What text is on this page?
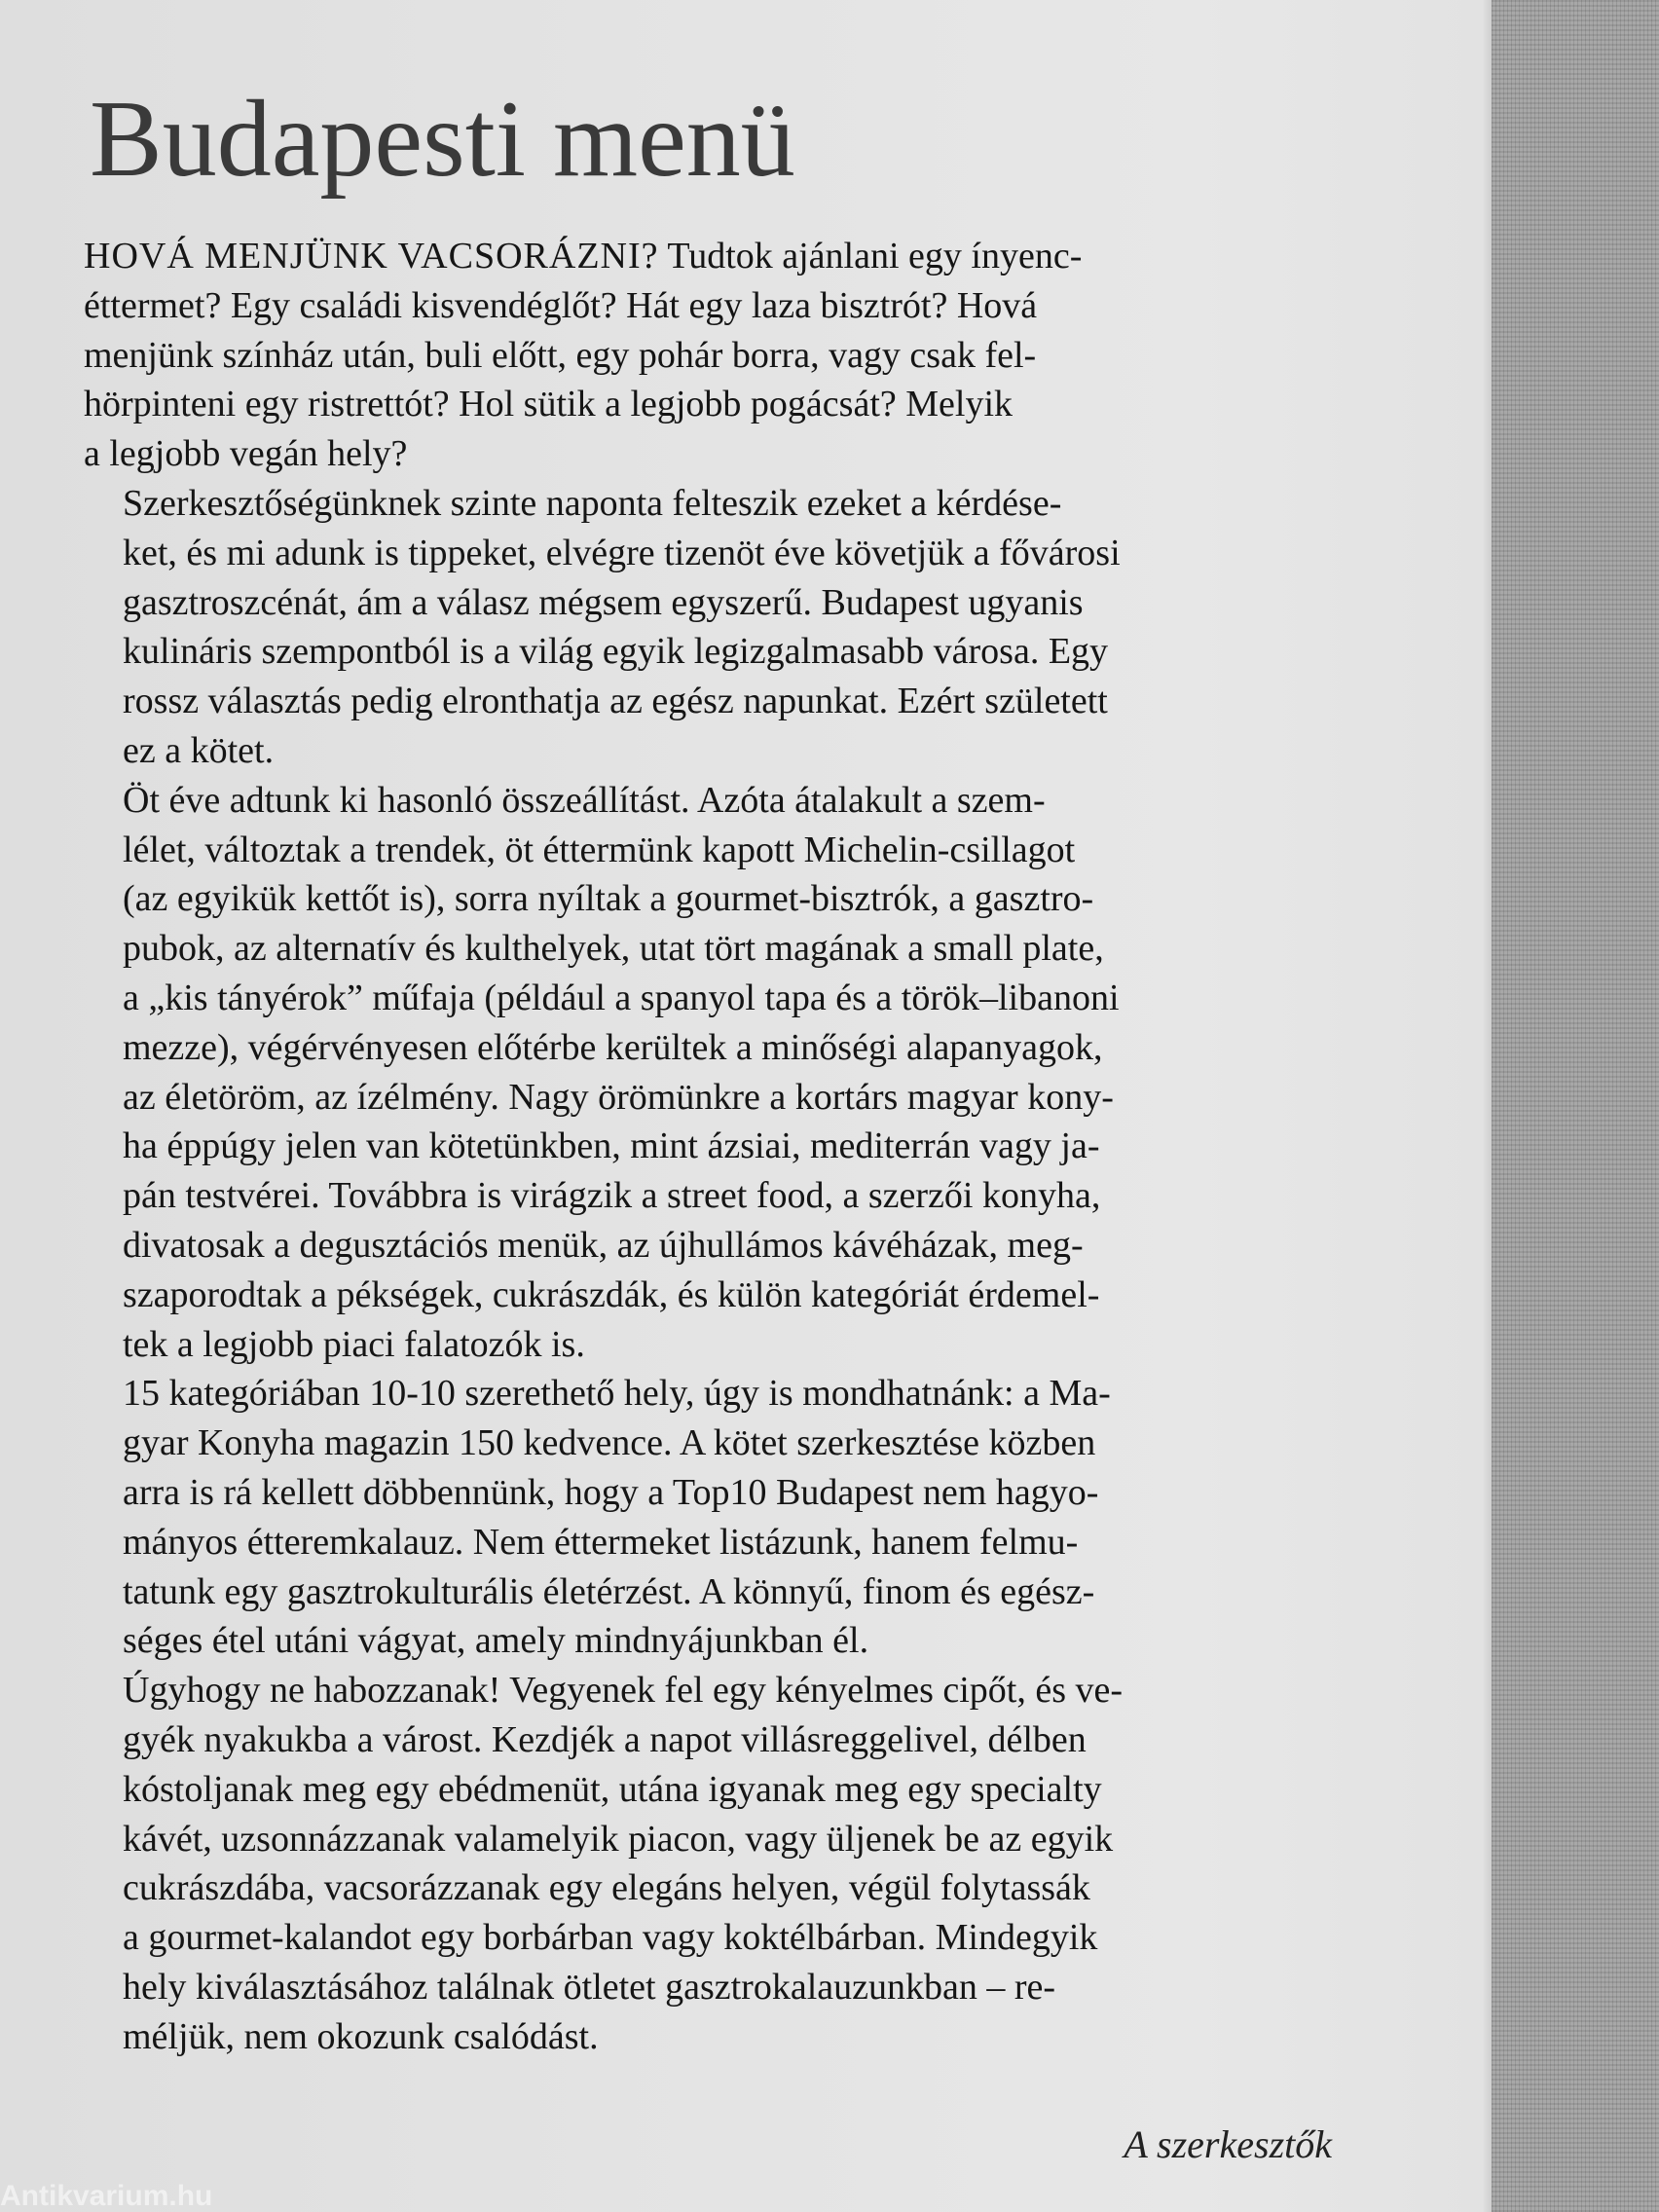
Budapesti menü

HOVÁ MENJÜNK VACSORÁZNI? Tudtok ajánlani egy ínyenc-
éttermet? Egy családi kisvendéglőt? Hát egy laza bisztrót? Hová
menjünk színház után, buli előtt, egy pohár borra, vagy csak fel-
hörpinteni egy ristrettót? Hol sütik a legjobb pogácsát? Melyik
a legjobb vegán hely?

Szerkesztőségünknek szinte naponta felteszik ezeket a kérdése-
ket, és mi adunk is tippeket, elvégre tizenöt éve követjük a fővárosi
gasztroszcénát, ám a válasz mégsem egyszerű. Budapest ugyanis
kulináris szempontból is a világ egyik legizgalmasabb városa. Egy
rossz választás pedig elronthatja az egész napunkat. Ezért született
ez a kötet.

Öt éve adtunk ki hasonló összeállítást. Azóta átalakult a szem-
lélet, változtak a trendek, öt éttermünk kapott Michelin-csillagot
(az egyikük kettőt is), sorra nyíltak a gourmet-bisztrók, a gasztro-
pubok, az alternatív és kulthelyek, utat tört magának a small plate,
a „kis tányérok” műfaja (például a spanyol tapa és a török–libanoni
mezze), végérvényesen előtérbe kerültek a minőségi alapanyagok,
az életöröm, az ízélmény. Nagy örömünkre a kortárs magyar kony-
ha éppúgy jelen van kötetünkben, mint ázsiai, mediterrán vagy ja-
pán testvérei. Továbbra is virágzik a street food, a szerzői konyha,
divatosak a degusztációs menük, az újhullámos kávéházak, meg-
szaporodtak a pékségek, cukrászdák, és külön kategóriát érdemel-
tek a legjobb piaci falatozók is.

15 kategóriában 10-10 szerethető hely, úgy is mondhatnánk: a Ma-
gyar Konyha magazin 150 kedvence. A kötet szerkesztése közben
arra is rá kellett döbbennünk, hogy a Top10 Budapest nem hagyo-
mányos étteremkalauz. Nem éttermeket listázunk, hanem felmu-
tatunk egy gasztrokulturális életérzést. A könnyű, finom és egész-
séges étel utáni vágyat, amely mindnyájunkban él.

Úgyhogy ne habozzanak! Vegyenek fel egy kényelmes cipőt, és ve-
gyék nyakukba a várost. Kezdjék a napot villásreggelivel, délben
kóstoljanak meg egy ebédmenüt, utána igyanak meg egy specialty
kávét, uzsonnázzanak valamelyik piacon, vagy üljenek be az egyik
cukrászdába, vacsorázzanak egy elegáns helyen, végül folytassák
a gourmet-kalandot egy borbárban vagy koktélbárban. Mindegyik
hely kiválasztásához találnak ötletet gasztrokalauzunkban – re-
méljük, nem okozunk csalódást.

A szerkesztők
Antikvarium.hu
